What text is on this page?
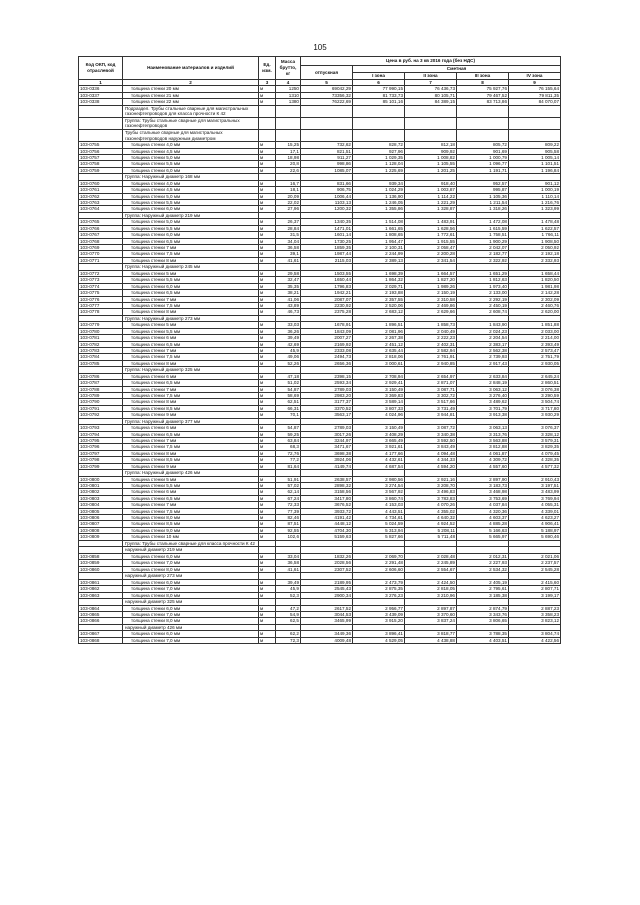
105
Код ОКП, код отраслевой	Наименование материалов и изделий	Ед. изм.	Масса брутто, кг	Цена в руб. на 3 кв 2016 года (без НДС)				
				отпускная	Сметная			
					I зона	II зона	III зона	IV зона
1	2	3	4	5	6	7	8	9
103-0336	толщина стенки 20 мм	м	1250	69042,29	77 990,15	76 436,73	75 927,76	76 155,64
103-0337	толщина стенки 21 мм	м	1310	73356,32	81 733,73	80 105,71	79 467,52	79 811,35
103-0338	толщина стенки 22 мм	м	1380	76222,69	85 101,16	84 389,15	83 713,86	84 070,07
	Подраздел. Трубы стальные сварные для магистральных газонефтепроводов для класса прочности К 42							
	Группа: Трубы стальные сварные для магистральных газонефтепроводов							
	Трубы стальные сварные для магистральных газонефтепроводов наружным диаметром							
103-0755	толщина стенки 4,0 мм	м	15,25	732,62	828,72	812,18	805,72	809,22
103-0756	толщина стенки 4,5 мм	м	17,1	821,51	927,96	909,92	901,69	905,58
103-0757	толщина стенки 5,0 мм	м	18,98	911,27	1 029,35	1 008,82	1 000,79	1 005,14
103-0758	толщина стенки 5,5 мм	м	20,8	998,86	1 128,04	1 105,55	1 096,77	1 101,51
103-0759	толщина стенки 6,0 мм	м	22,6	1085,07	1 225,69	1 201,25	1 191,71	1 196,84
	Группа: Наружный диаметр 168 мм							
103-0760	толщина стенки 4,0 мм	м	16,7	831,66	939,34	918,40	952,57	901,12
103-0761	толщина стенки 4,5 мм	м	18,1	906,75	1 024,29	1 003,87	995,87	1 000,19
103-0762	толщина стенки 5,0 мм	м	20,09	1006,44	1 136,90	1 114,22	1 105,36	1 110,14
103-0763	толщина стенки 5,5 мм	м	22,02	1103,13	1 246,05	1 221,29	1 211,54	1 216,76
103-0764	толщина стенки 6,0 мм	м	27,96	1200,32	1 355,86	1 328,87	1 318,26	1 323,99
	Группа: Наружный диаметр 219 мм							
103-0765	толщина стенки 5,0 мм	м	26,37	1340,35	1 514,08	1 483,91	1 472,08	1 478,48
103-0766	толщина стенки 5,5 мм	м	28,84	1471,01	1 661,65	1 628,56	1 615,59	1 622,57
103-0767	толщина стенки 6,0 мм	м	31,5	1601,14	1 808,65	1 772,61	1 758,51	1 766,11
103-0768	толщина стенки 6,5 мм	м	34,04	1730,25	1 954,47	1 915,55	1 900,29	1 908,50
103-0769	толщина стенки 7 мм	м	36,58	1859,35	2 100,31	2 058,47	2 042,07	2 050,92
103-0770	толщина стенки 7,5 мм	м	39,1	1987,44	2 244,99	2 200,28	2 182,77	2 192,18
103-0771	толщина стенки 8 мм	м	41,61	2115,03	2 389,13	2 341,54	2 322,92	2 332,93
	Группа: Наружный диаметр 245 мм							
103-0772	толщина стенки 5 мм	м	29,58	1503,55	1 698,39	1 664,57	1 651,29	1 658,44
103-0773	толщина стенки 5,5 мм	м	32,47	1650,44	1 864,32	1 827,20	1 812,63	1 820,50
103-0774	толщина стенки 6,0 мм	м	35,35	1796,83	2 029,71	1 989,26	1 973,40	1 981,98
103-0775	толщина стенки 6,5 мм	м	38,21	1942,21	2 193,88	2 150,19	2 133,00	2 142,28
103-0776	толщина стенки 7 мм	м	41,06	2087,07	2 357,55	2 310,58	2 292,19	2 302,09
103-0777	толщина стенки 7,5 мм	м	43,89	2230,92	2 520,06	2 469,86	2 450,19	2 460,76
103-0778	толщина стенки 8 мм	м	46,73	2375,28	2 683,12	2 629,66	2 608,74	2 620,00
	Группа: Наружный диаметр 273 мм							
103-0779	толщина стенки 5 мм	м	33,03	1678,91	1 896,51	1 858,73	1 843,90	1 851,88
103-0780	толщина стенки 5,5 мм	м	36,26	1843,09	2 081,96	2 040,49	2 024,23	2 033,00
103-0781	толщина стенки 6 мм	м	39,49	2007,27	2 267,38	2 222,23	2 204,54	2 214,00
103-0782	толщина стенки 6,5 мм	м	42,69	2169,92	2 451,12	2 402,31	2 383,17	2 393,49
103-0783	толщина стенки 7 мм	м	45,9	2333,08	2 635,44	2 582,94	2 562,38	2 573,47
103-0784	толщина стенки 7,5 мм	м	49,06	2494,73	2 818,06	2 761,91	2 739,93	2 751,79
103-0785	толщина стенки 8 мм	м	52,26	2656,36	3 000,61	2 940,85	2 917,43	2 930,05
	Группа: Наружный диаметр 325 мм							
103-0786	толщина стенки 6 мм	м	47,18	2398,15	2 708,94	2 654,97	2 633,84	2 645,24
103-0787	толщина стенки 6,5 мм	м	51,02	2593,34	2 929,41	2 871,07	2 848,19	2 860,51
103-0788	толщина стенки 7 мм	м	54,87	2789,03	3 150,49	3 087,71	3 063,12	3 076,38
103-0789	толщина стенки 7,5 мм	м	58,69	2983,20	3 369,83	3 302,72	3 276,40	3 290,59
103-0790	толщина стенки 8 мм	м	62,51	3177,37	3 589,14	3 517,66	3 489,62	3 504,74
103-0791	толщина стенки 8,5 мм	м	66,31	3370,52	3 807,33	3 731,49	3 701,79	3 717,80
103-0792	толщина стенки 9 мм	м	70,1	3563,17	4 024,96	3 944,81	3 913,38	3 930,29
	Группа: Наружный диаметр 377 мм							
103-0793	толщина стенки 6 мм	м	54,87	2789,03	3 150,49	3 087,72	3 063,13	3 076,37
103-0794	толщина стенки 6,5 мм	м	59,25	3017,26	3 408,29	3 340,38	3 313,76	3 328,12
103-0795	толщина стенки 7 мм	м	63,84	3244,97	3 665,49	3 592,50	3 563,88	3 579,31
103-0796	толщина стенки 7,5 мм	м	68,3	3471,67	3 921,61	3 843,49	3 812,88	3 829,35
103-0797	толщина стенки 8 мм	м	72,76	3698,38	4 177,66	4 094,48	4 061,87	4 079,45
103-0798	толщина стенки 8,5 мм	м	77,2	3924,06	4 432,61	4 344,33	4 309,72	4 328,35
103-0799	толщина стенки 9 мм	м	81,64	4149,74	4 687,54	4 594,20	4 557,60	4 577,32
	Группа: Наружный диаметр 426 мм							
103-0800	толщина стенки 5 мм	м	51,91	2638,57	2 980,56	2 921,16	2 897,90	2 910,43
103-0801	толщина стенки 5,5 мм	м	57,02	2898,32	3 274,54	3 208,70	3 183,73	3 197,51
103-0802	толщина стенки 6 мм	м	62,14	3158,56	3 567,92	3 496,83	3 468,98	3 483,99
103-0803	толщина стенки 6,5 мм	м	67,24	3417,80	3 860,74	3 783,83	3 753,69	3 769,94
103-0804	толщина стенки 7 мм	м	72,33	3676,52	4 153,03	4 070,26	4 037,84	4 055,31
103-0805	толщина стенки 7,5 мм	м	77,39	3933,72	4 443,51	4 355,02	4 320,36	4 339,01
103-0806	толщина стенки 8,0 мм	м	82,46	4191,42	4 734,61	4 640,32	4 603,37	4 623,27
103-0807	толщина стенки 8,5 мм	м	87,51	4448,12	5 024,59	4 924,52	4 885,28	4 906,41
103-0808	толщина стенки 9,0 мм	м	92,55	4704,30	5 313,94	5 208,11	5 166,63	5 188,97
103-0809	толщина стенки 10 мм	м	102,6	5159,63	5 827,66	5 711,48	5 665,97	5 690,46
	Группа: Трубы стальные сварные для класса прочности К 42							
	наружный диаметр 219 мм							
103-0858	толщина стенки 6,0 мм	м	33,04	1832,26	2 069,70	2 028,48	2 012,31	2 021,06
103-0859	толщина стенки 7,0 мм	м	36,58	2028,56	2 291,48	2 245,89	2 227,93	2 237,57
103-0860	толщина стенки 8,0 мм	м	41,61	2307,52	2 606,60	2 554,67	2 534,32	2 545,28
	наружный диаметр 273 мм							
103-0861	толщина стенки 6,0 мм	м	39,49	2189,95	2 473,79	2 424,50	2 405,19	2 415,60
103-0862	толщина стенки 7,0 мм	м	45,9	2545,43	2 875,35	2 818,05	2 795,61	2 807,71
103-0863	толщина стенки 8,0 мм	м	52,3	2900,34	3 276,23	3 210,96	3 185,38	3 199,17
	наружный диаметр 325 мм							
103-0864	толщина стенки 6,0 мм	м	47,2	2617,52	2 956,77	2 897,87	2 874,79	2 887,23
103-0865	толщина стенки 7,0 мм	м	54,9	3044,53	3 439,09	3 370,60	3 343,76	3 358,23
103-0866	толщина стенки 8,0 мм	м	62,5	3465,99	3 915,20	3 837,24	3 806,65	3 823,12
	наружный диаметр 426 мм							
103-0867	толщина стенки 6,0 мм	м	62,2	3449,36	3 896,41	3 818,77	3 788,35	3 804,74
103-0868	толщина стенки 7,0 мм	м	72,3	4009,48	4 529,05	4 438,88	4 403,51	4 422,56
